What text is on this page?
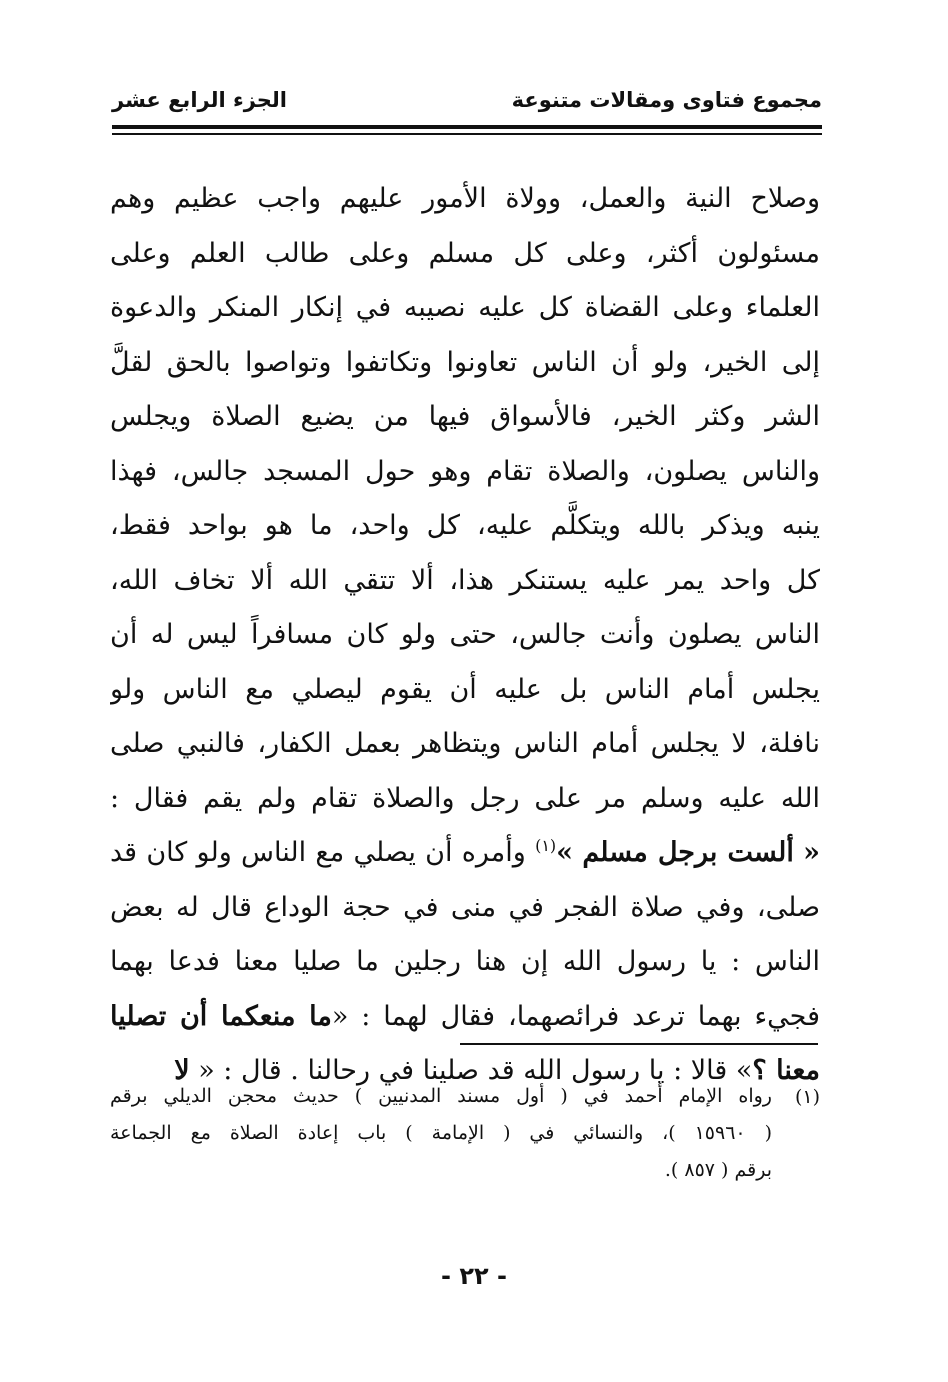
مجموع فتاوى ومقالات متنوعة
الجزء الرابع عشر
وصلاح النية والعمل، وولاة الأمور عليهم واجب عظيم وهم
مسئولون أكثر، وعلى كل مسلم وعلى طالب العلم وعلى
العلماء وعلى القضاة كل عليه نصيبه في إنكار المنكر والدعوة
إلى الخير، ولو أن الناس تعاونوا وتكاتفوا وتواصوا بالحق لقلَّ
الشر وكثر الخير، فالأسواق فيها من يضيع الصلاة ويجلس
والناس يصلون، والصلاة تقام وهو حول المسجد جالس، فهذا
ينبه ويذكر بالله ويتكلَّم عليه، كل واحد، ما هو بواحد فقط،
كل واحد يمر عليه يستنكر هذا، ألا تتقي الله ألا تخاف الله،
الناس يصلون وأنت جالس، حتى ولو كان مسافراً ليس له أن
يجلس أمام الناس بل عليه أن يقوم ليصلي مع الناس ولو
نافلة، لا يجلس أمام الناس ويتظاهر بعمل الكفار، فالنبي صلى
الله عليه وسلم مر على رجل والصلاة تقام ولم يقم فقال :
« ألست برجل مسلم »$^{(١)}$ وأمره أن يصلي مع الناس ولو كان قد
صلى، وفي صلاة الفجر في منى في حجة الوداع قال له بعض
الناس : يا رسول الله إن هنا رجلين ما صليا معنا فدعا بهما
فجيء بهما ترعد فرائصهما، فقال لهما : «ما منعكما أن تصليا
معنا ؟» قالا : يا رسول الله قد صلينا في رحالنا . قال : « لا
(١)
رواه الإمام أحمد في ( أول مسند المدنيين ) حديث محجن الديلي برقم
( ١٥٩٦٠ )، والنسائي في ( الإمامة ) باب إعادة الصلاة مع الجماعة
برقم ( ٨٥٧ ).
- ٢٢ -
